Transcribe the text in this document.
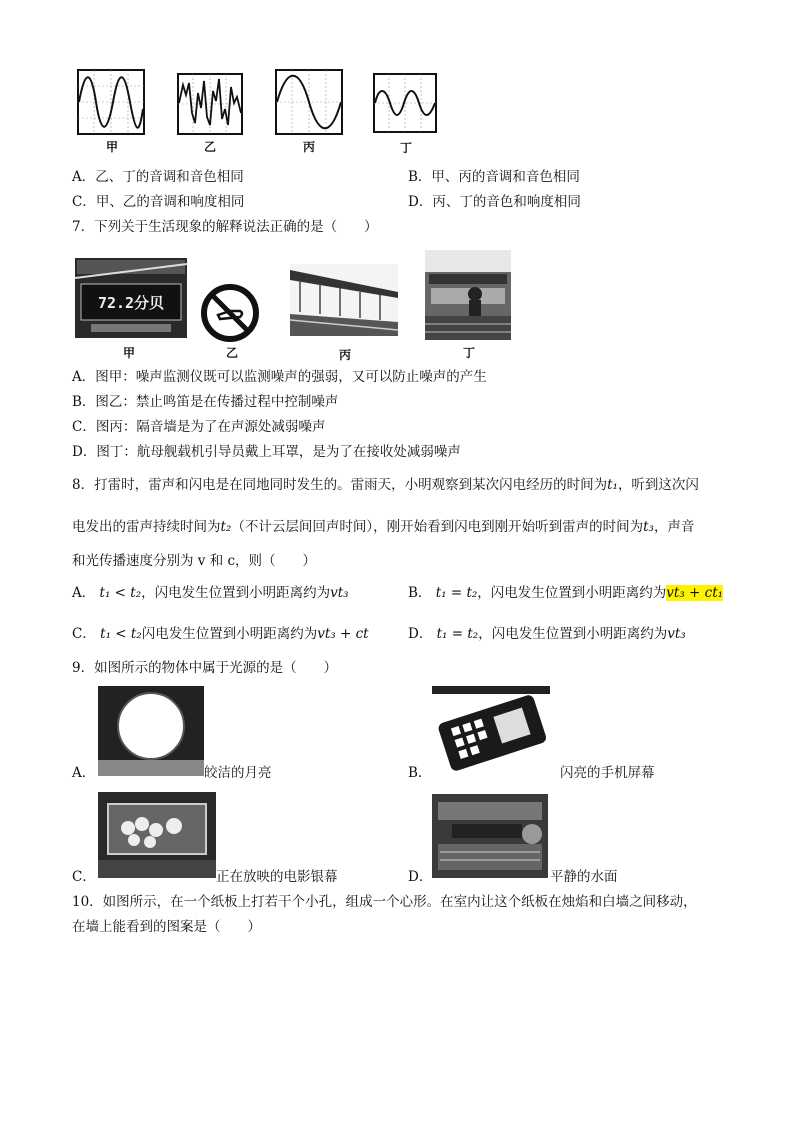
甲	乙	丙	丁
A．乙、丁的音调和音色相同	B．甲、丙的音调和音色相同
C．甲、乙的音调和响度相同	D．丙、丁的音色和响度相同
7．下列关于生活现象的解释说法正确的是（　　）
72.2分贝
甲	乙	丙	丁
A．图甲：噪声监测仪既可以监测噪声的强弱，又可以防止噪声的产生
B．图乙：禁止鸣笛是在传播过程中控制噪声
C．图丙：隔音墙是为了在声源处减弱噪声
D．图丁：航母舰载机引导员戴上耳罩，是为了在接收处减弱噪声
8．打雷时，雷声和闪电是在同地同时发生的。雷雨天，小明观察到某次闪电经历的时间为t₁，听到这次闪
电发出的雷声持续时间为t₂（不计云层间回声时间），刚开始看到闪电到刚开始听到雷声的时间为t₃，声音
和光传播速度分别为 v 和 c，则（　　）
A． t₁ < t₂，闪电发生位置到小明距离约为vt₃	B． t₁ = t₂，闪电发生位置到小明距离约为vt₃ + ct₁
C． t₁ < t₂闪电发生位置到小明距离约为vt₃ + ct	D． t₁ = t₂，闪电发生位置到小明距离约为vt₃
9．如图所示的物体中属于光源的是（　　）
A．	皎洁的月亮	B．	闪亮的手机屏幕
C．	正在放映的电影银幕	D．	平静的水面
10．如图所示，在一个纸板上打若干个小孔，组成一个心形。在室内让这个纸板在烛焰和白墙之间移动，
在墙上能看到的图案是（　　）
